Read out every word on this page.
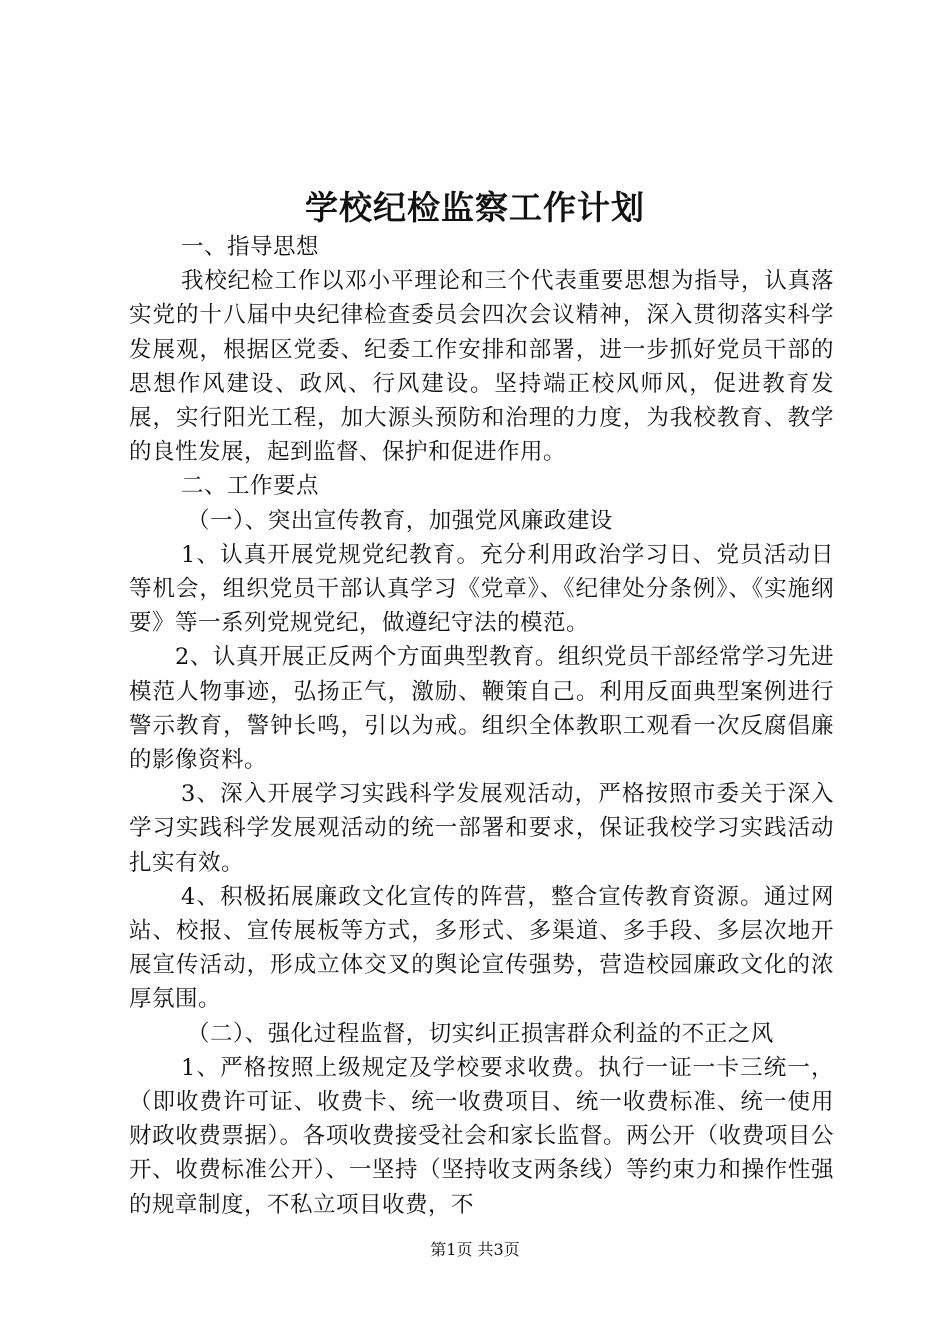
学校纪检监察工作计划

一、指导思想

我校纪检工作以邓小平理论和三个代表重要思想为指导，认真落实党的十八届中央纪律检查委员会四次会议精神，深入贯彻落实科学发展观，根据区党委、纪委工作安排和部署，进一步抓好党员干部的思想作风建设、政风、行风建设。坚持端正校风师风，促进教育发展，实行阳光工程，加大源头预防和治理的力度，为我校教育、教学的良性发展，起到监督、保护和促进作用。

二、工作要点

（一）、突出宣传教育，加强党风廉政建设

1、认真开展党规党纪教育。充分利用政治学习日、党员活动日等机会，组织党员干部认真学习《党章》、《纪律处分条例》、《实施纲要》等一系列党规党纪，做遵纪守法的模范。

2、认真开展正反两个方面典型教育。组织党员干部经常学习先进模范人物事迹，弘扬正气，激励、鞭策自己。利用反面典型案例进行警示教育，警钟长鸣，引以为戒。组织全体教职工观看一次反腐倡廉的影像资料。

3、深入开展学习实践科学发展观活动，严格按照市委关于深入学习实践科学发展观活动的统一部署和要求，保证我校学习实践活动扎实有效。

4、积极拓展廉政文化宣传的阵营，整合宣传教育资源。通过网站、校报、宣传展板等方式，多形式、多渠道、多手段、多层次地开展宣传活动，形成立体交叉的舆论宣传强势，营造校园廉政文化的浓厚氛围。

（二）、强化过程监督，切实纠正损害群众利益的不正之风

1、严格按照上级规定及学校要求收费。执行一证一卡三统一，（即收费许可证、收费卡、统一收费项目、统一收费标准、统一使用财政收费票据）。各项收费接受社会和家长监督。两公开（收费项目公开、收费标准公开）、一坚持（坚持收支两条线）等约束力和操作性强的规章制度，不私立项目收费，不

第1页 共3页
